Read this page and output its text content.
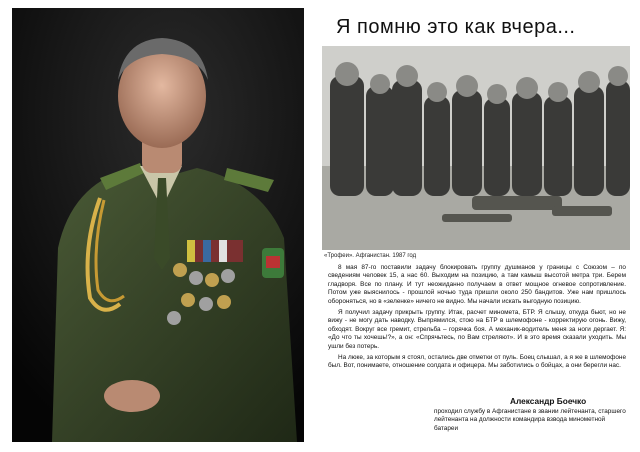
Я помню это как вчера...
«Трофеи». Афганистан. 1987 год

8 мая 87-го поставили задачу блокировать группу душманов у границы с Союзом – по сведениям человек 15, а нас 60. Выходим на позицию, а там камыш высотой метра три. Берем гладворя. Все по плану. И тут неожиданно получаем в ответ мощное огневое сопротивление. Потом уже выяснилось - прошлой ночью туда пришли около 250 бандитов. Уже нам пришлось обороняться, но в «зеленке» ничего не видно. Мы начали искать выгодную позицию.

Я получил задачу прикрыть группу. Итак, расчет миномета, БТР. Я слышу, откуда бьют, но не вижу - не могу дать наводку. Выпрямился, стою на БТР в шлемофоне - корректирую огонь. Вижу, обходят. Вокруг все гремит, стрельба – горячка боя. А механик-водитель меня за ноги дергает. Я: «До что ты хочешь!?», а он: «Спрячьтесь, по Вам стреляют». И в это время сказали уходить. Мы ушли без потерь.

На люке, за которым я стоял, остались две отметки от пуль. Боец слышал, а я же в шлемофоне был. Вот, понимаете, отношение солдата и офицера. Мы заботились о бойцах, а они берегли нас.

Александр Боечко
проходил службу в Афганистане в звании лейтенанта, старшего лейтенанта на должности командира взвода минометной батареи
